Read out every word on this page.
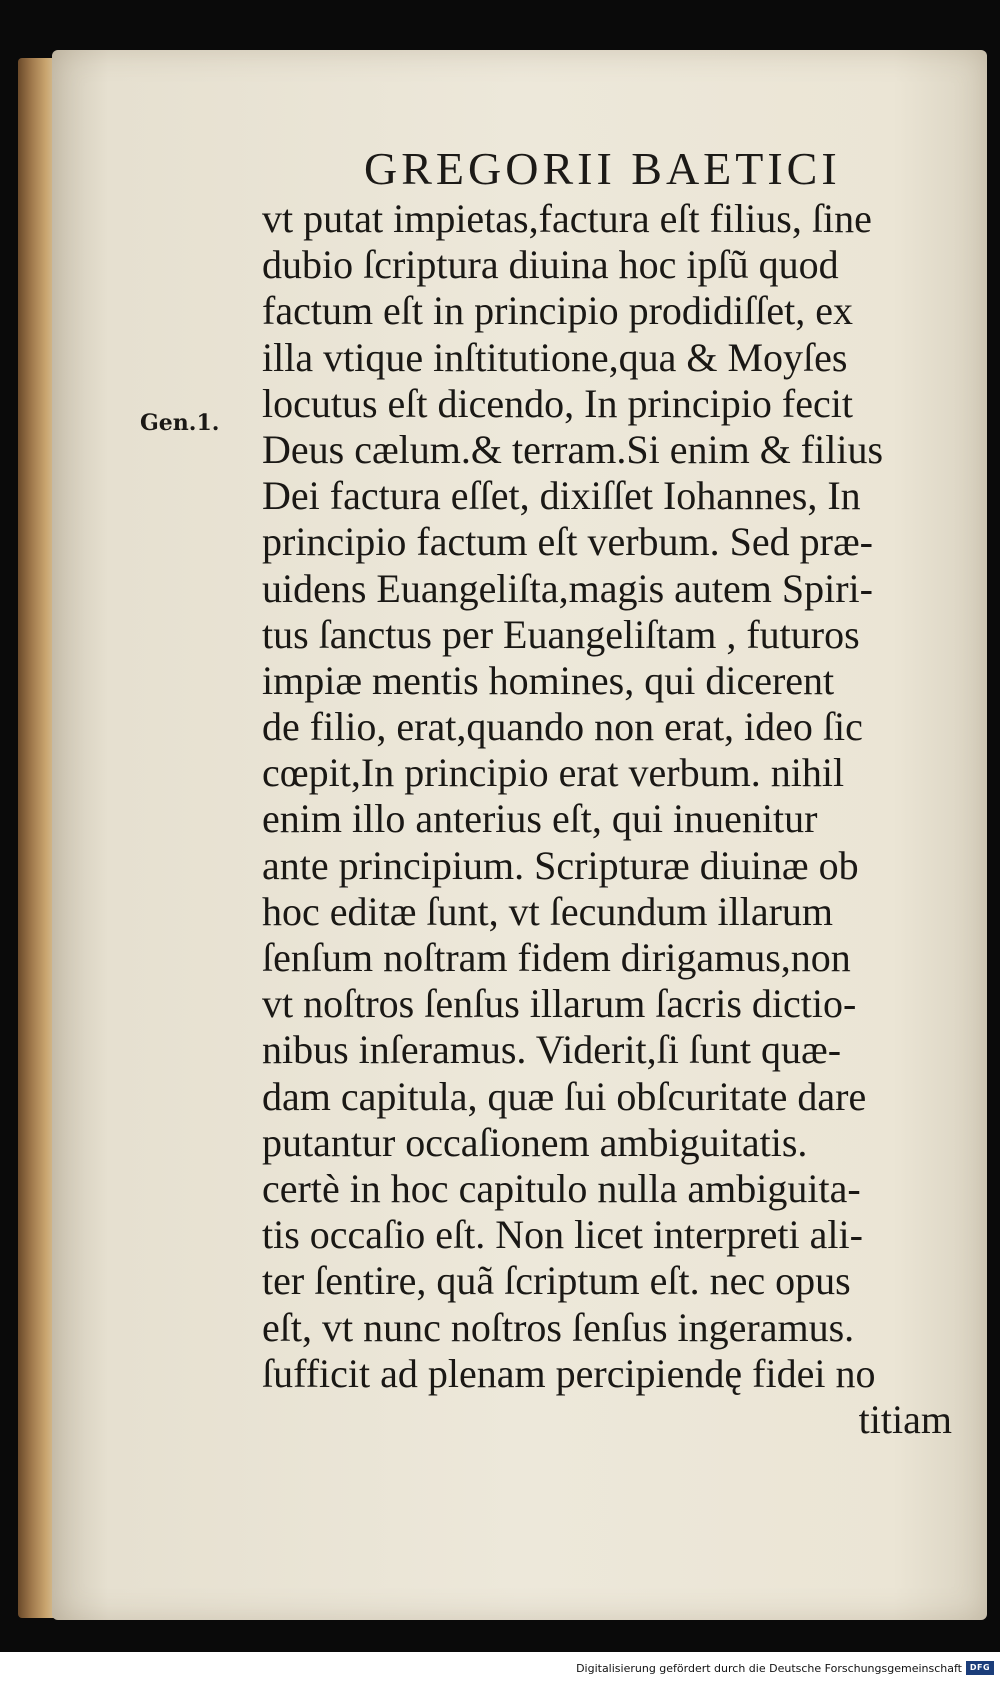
GREGORII BAETICI
Gen.1.
vt putat impietas,factura eſt filius, ſine
dubio ſcriptura diuina hoc ipſũ quod
factum eſt in principio prodidiſſet, ex
illa vtique inſtitutione,qua & Moyſes
locutus eſt dicendo, In principio fecit
Deus cælum.& terram.Si enim & filius
Dei factura eſſet, dixiſſet Iohannes, In
principio factum eſt verbum. Sed præ-
uidens Euangeliſta,magis autem Spiri-
tus ſanctus per Euangeliſtam , futuros
impiæ mentis homines, qui dicerent
de filio, erat,quando non erat, ideo ſic
cœpit,In principio erat verbum. nihil
enim illo anterius eſt, qui inuenitur
ante principium. Scripturæ diuinæ ob
hoc editæ ſunt, vt ſecundum illarum
ſenſum noſtram fidem dirigamus,non
vt noſtros ſenſus illarum ſacris dictio-
nibus inſeramus. Viderit,ſi ſunt quæ-
dam capitula, quæ ſui obſcuritate dare
putantur occaſionem ambiguitatis.
certè in hoc capitulo nulla ambiguita-
tis occaſio eſt. Non licet interpreti ali-
ter ſentire, quã ſcriptum eſt. nec opus
eſt, vt nunc noſtros ſenſus ingeramus.
ſufficit ad plenam percipiendę fidei no
titiam
Digitalisierung gefördert durch die Deutsche Forschungsgemeinschaft DFG
